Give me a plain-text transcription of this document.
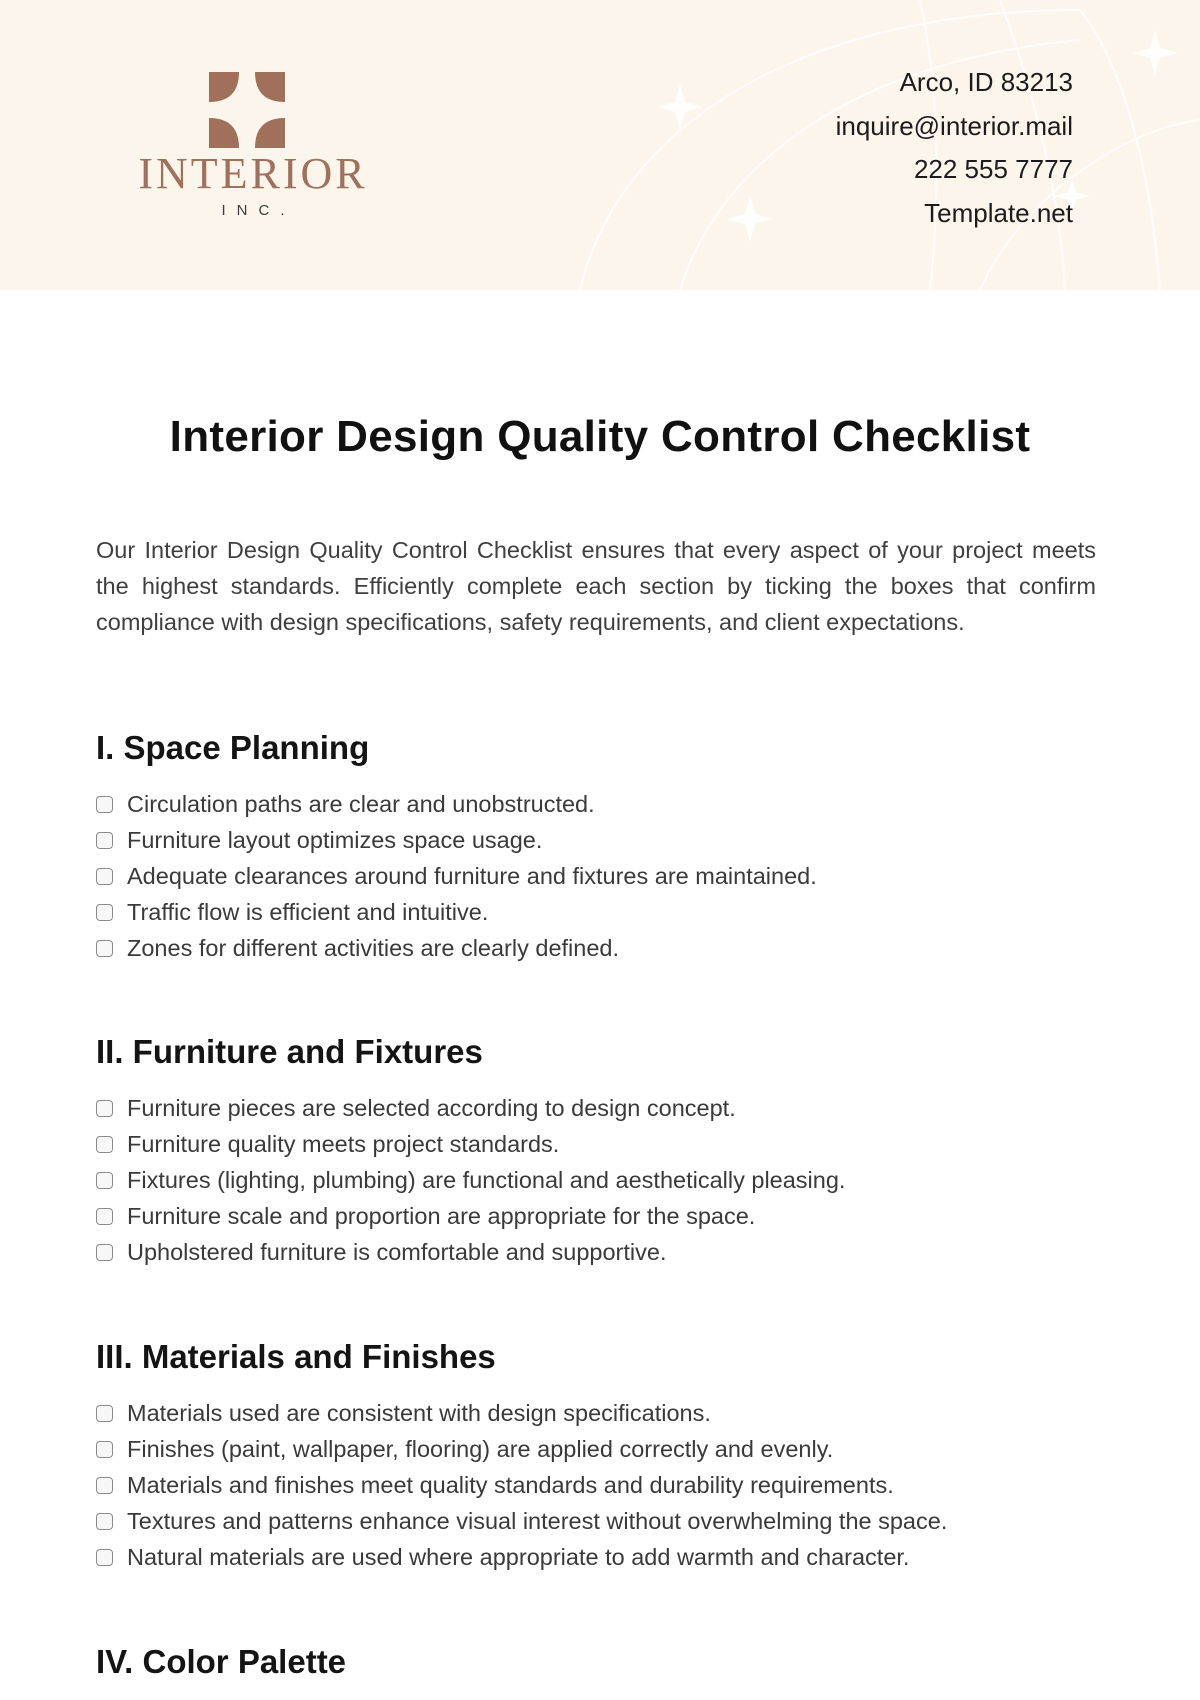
INTERIOR
INC.
Arco, ID 83213
inquire@interior.mail
222 555 7777
Template.net
Interior Design Quality Control Checklist
Our Interior Design Quality Control Checklist ensures that every aspect of your project meets the highest standards. Efficiently complete each section by ticking the boxes that confirm compliance with design specifications, safety requirements, and client expectations.
I. Space Planning
Circulation paths are clear and unobstructed.
Furniture layout optimizes space usage.
Adequate clearances around furniture and fixtures are maintained.
Traffic flow is efficient and intuitive.
Zones for different activities are clearly defined.
II. Furniture and Fixtures
Furniture pieces are selected according to design concept.
Furniture quality meets project standards.
Fixtures (lighting, plumbing) are functional and aesthetically pleasing.
Furniture scale and proportion are appropriate for the space.
Upholstered furniture is comfortable and supportive.
III. Materials and Finishes
Materials used are consistent with design specifications.
Finishes (paint, wallpaper, flooring) are applied correctly and evenly.
Materials and finishes meet quality standards and durability requirements.
Textures and patterns enhance visual interest without overwhelming the space.
Natural materials are used where appropriate to add warmth and character.
IV. Color Palette
